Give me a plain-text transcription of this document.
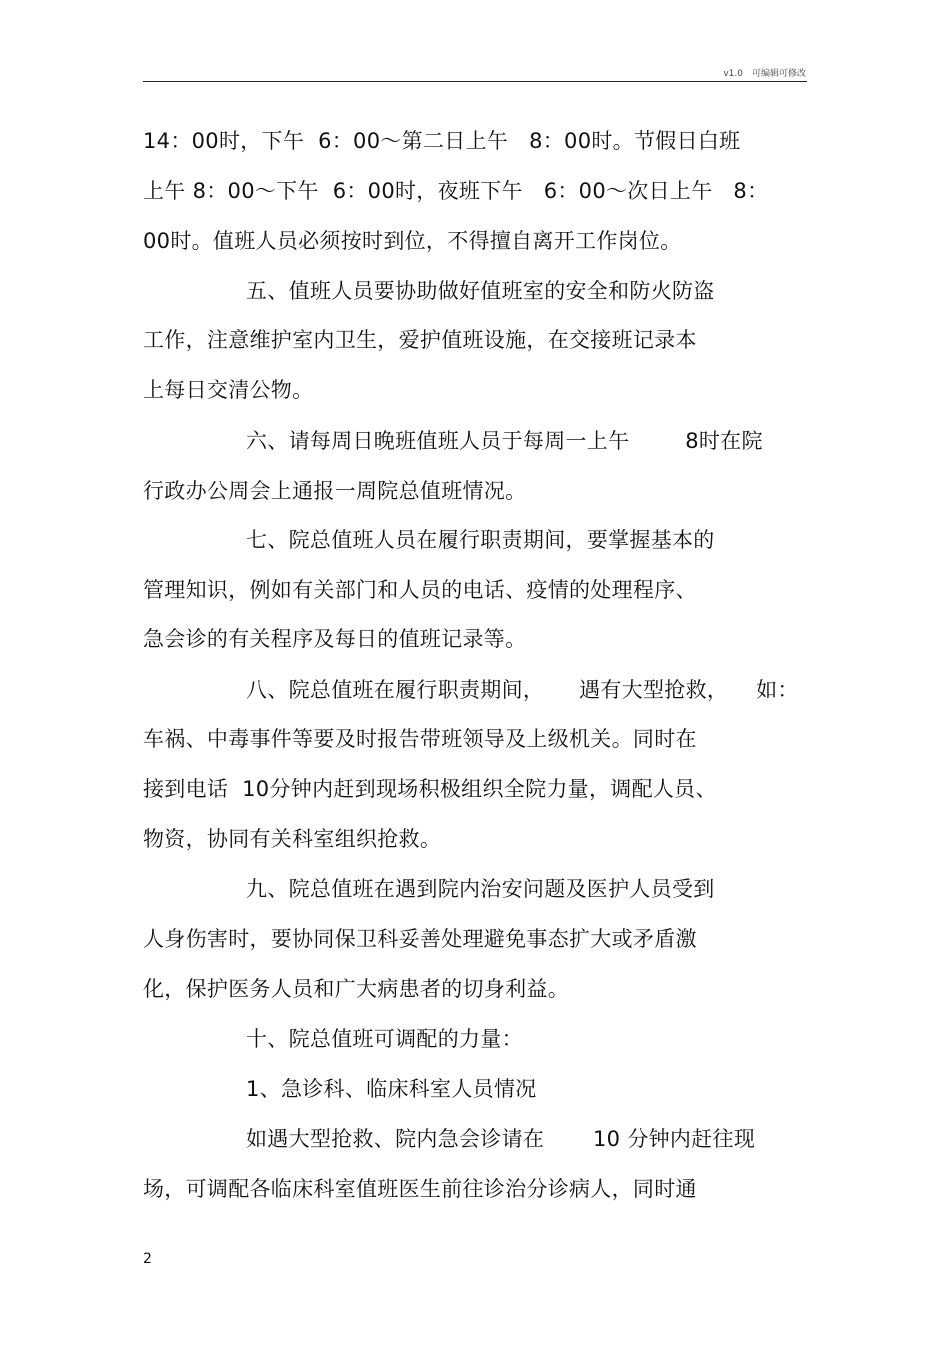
v1.0　可编辑可修改
14：00时，下午  6：00～第二日上午   8：00时。节假日白班
上午 8：00～下午  6：00时，夜班下午   6：00～次日上午   8：
00时。值班人员必须按时到位，不得擅自离开工作岗位。
五、值班人员要协助做好值班室的安全和防火防盗
工作，注意维护室内卫生，爱护值班设施，在交接班记录本
上每日交清公物。
六、请每周日晚班值班人员于每周一上午        8时在院
行政办公周会上通报一周院总值班情况。
七、院总值班人员在履行职责期间，要掌握基本的
管理知识，例如有关部门和人员的电话、疫情的处理程序、
急会诊的有关程序及每日的值班记录等。
八、院总值班在履行职责期间，     遇有大型抢救，    如：
车祸、中毒事件等要及时报告带班领导及上级机关。同时在
接到电话  10分钟内赶到现场积极组织全院力量，调配人员、
物资，协同有关科室组织抢救。
九、院总值班在遇到院内治安问题及医护人员受到
人身伤害时，要协同保卫科妥善处理避免事态扩大或矛盾激
化，保护医务人员和广大病患者的切身利益。
十、院总值班可调配的力量：
1、急诊科、临床科室人员情况
如遇大型抢救、院内急会诊请在       10 分钟内赶往现
场，可调配各临床科室值班医生前往诊治分诊病人，同时通
2
